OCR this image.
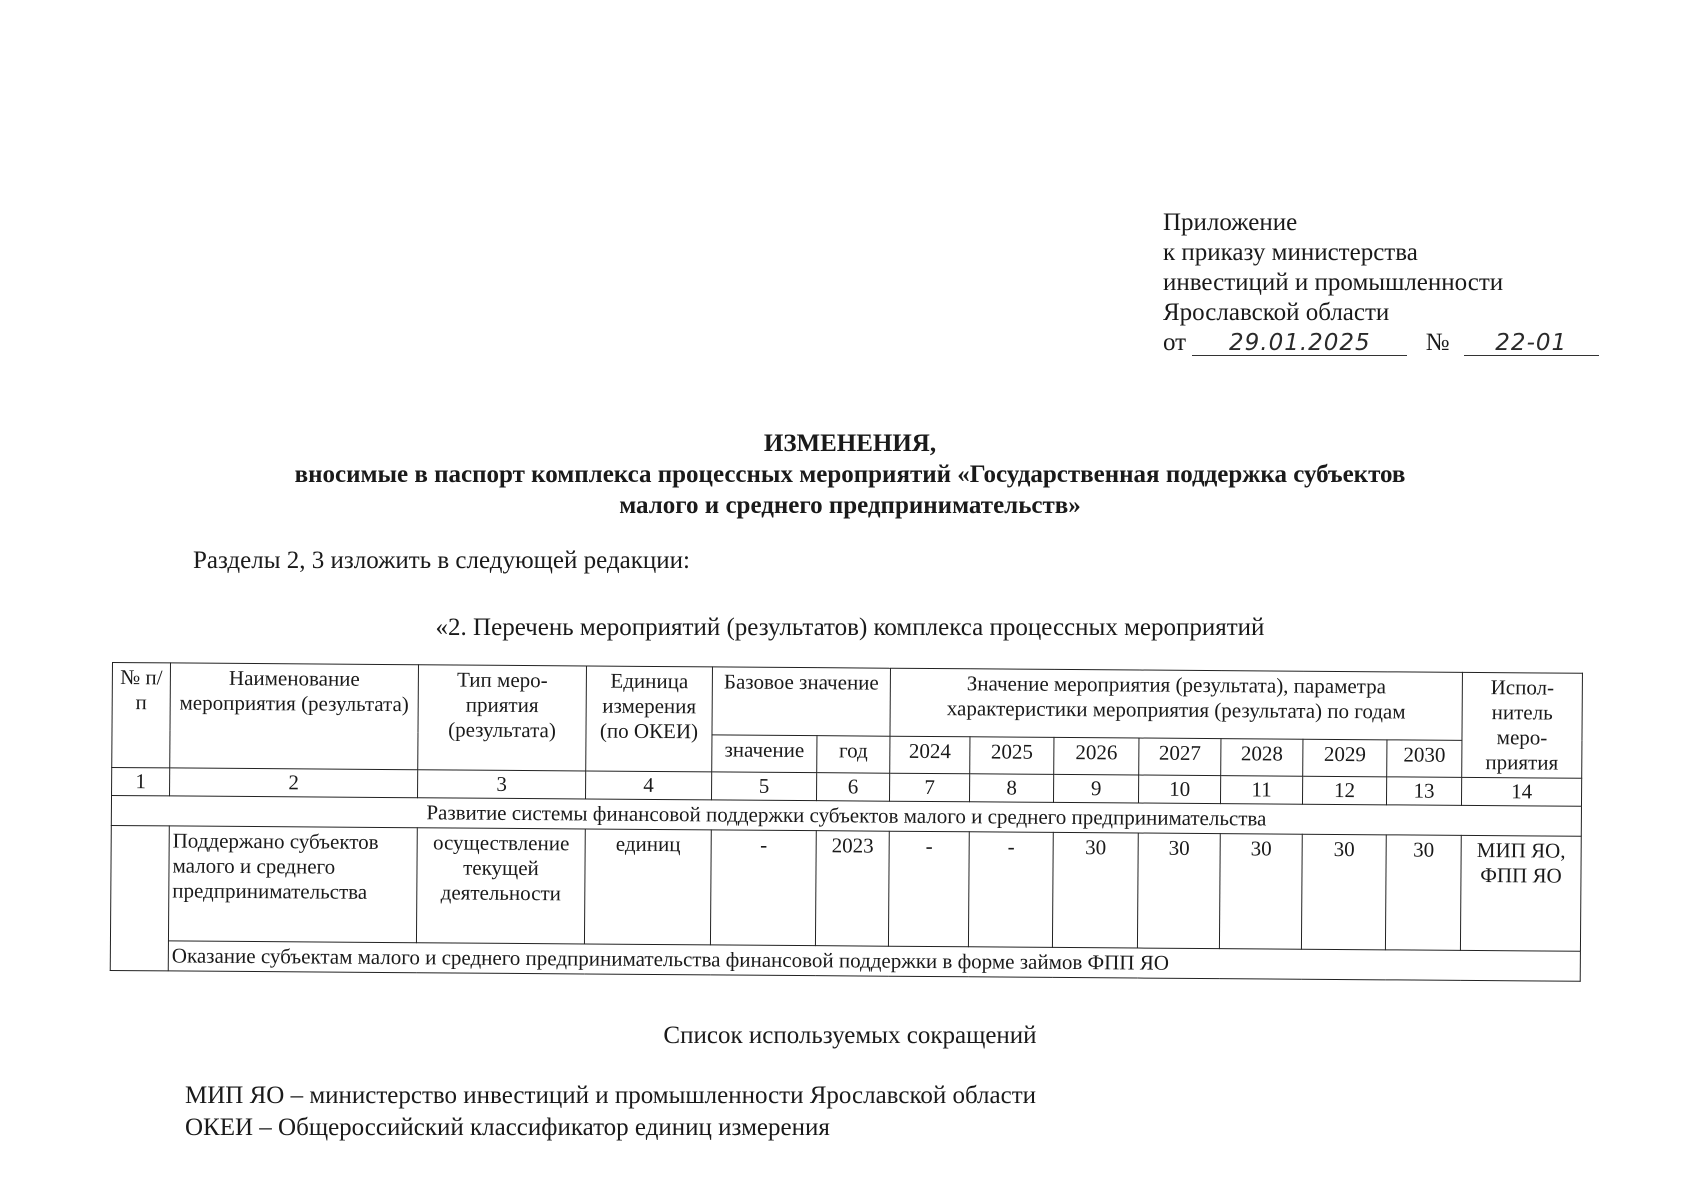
Приложение
к приказу министерства
инвестиций и промышленности
Ярославской области
от 29.01.2025 № 22-01
ИЗМЕНЕНИЯ,
вносимые в паспорт комплекса процессных мероприятий «Государственная поддержка субъектов
малого и среднего предпринимательств»
Разделы 2, 3 изложить в следующей редакции:
«2. Перечень мероприятий (результатов) комплекса процессных мероприятий
№ п/п	Наименование мероприятия (результата)	Тип меро-приятия (результата)	Единица измерения (по ОКЕИ)	Базовое значение		Значение мероприятия (результата), параметра характеристики мероприятия (результата) по годам							Испол-нитель меро-приятия
				значение	год	2024	2025	2026	2027	2028	2029	2030	
1	2	3	4	5	6	7	8	9	10	11	12	13	14
Развитие системы финансовой поддержки субъектов малого и среднего предпринимательства													
	Поддержано субъектов малого и среднего предпринимательства	осуществление текущей деятельности	единиц	-	2023	-	-	30	30	30	30	30	МИП ЯО, ФПП ЯО
	Оказание субъектам малого и среднего предпринимательства финансовой поддержки в форме займов ФПП ЯО												
Список используемых сокращений
МИП ЯО – министерство инвестиций и промышленности Ярославской области
ОКЕИ – Общероссийский классификатор единиц измерения
